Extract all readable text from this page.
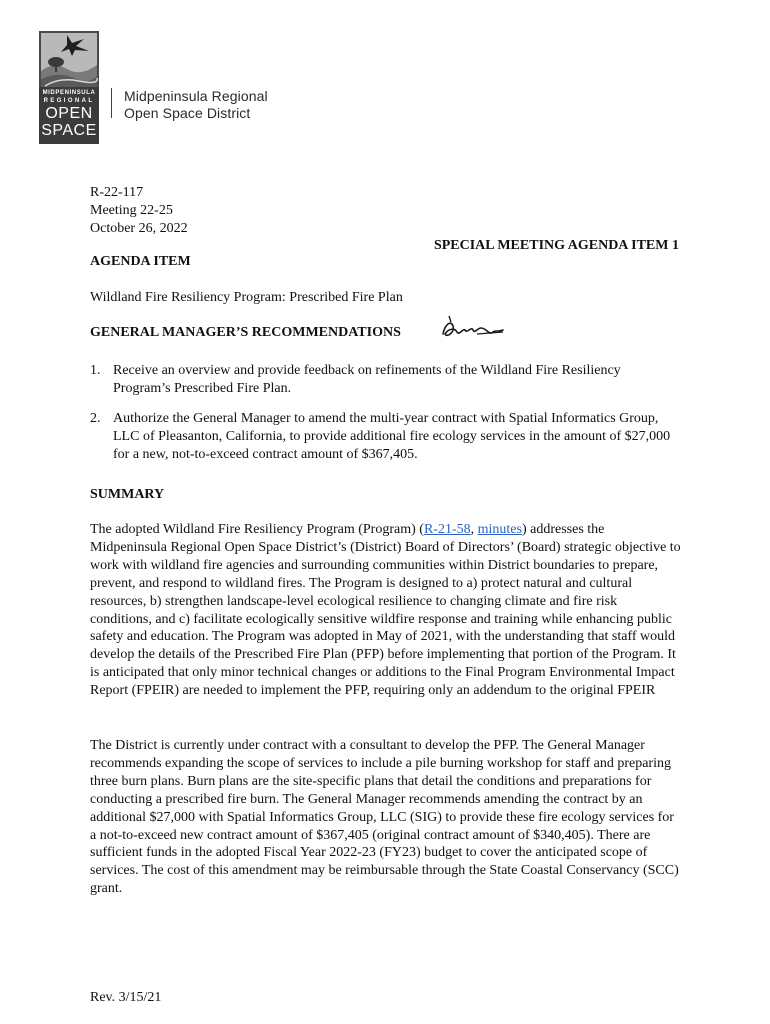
MIDPENINSULA
REGIONAL
OPEN
SPACE
Midpeninsula Regional
Open Space District
R-22-117
Meeting 22-25
October 26, 2022
SPECIAL MEETING AGENDA ITEM 1
AGENDA ITEM
Wildland Fire Resiliency Program: Prescribed Fire Plan
GENERAL MANAGER’S RECOMMENDATIONS
1. Receive an overview and provide feedback on refinements of the Wildland Fire Resiliency Program’s Prescribed Fire Plan.
2. Authorize the General Manager to amend the multi-year contract with Spatial Informatics Group, LLC of Pleasanton, California, to provide additional fire ecology services in the amount of $27,000 for a new, not-to-exceed contract amount of $367,405.
SUMMARY
The adopted Wildland Fire Resiliency Program (Program) (R-21-58, minutes) addresses the Midpeninsula Regional Open Space District’s (District) Board of Directors’ (Board) strategic objective to work with wildland fire agencies and surrounding communities within District boundaries to prepare, prevent, and respond to wildland fires. The Program is designed to a) protect natural and cultural resources, b) strengthen landscape-level ecological resilience to changing climate and fire risk conditions, and c) facilitate ecologically sensitive wildfire response and training while enhancing public safety and education. The Program was adopted in May of 2021, with the understanding that staff would develop the details of the Prescribed Fire Plan (PFP) before implementing that portion of the Program. It is anticipated that only minor technical changes or additions to the Final Program Environmental Impact Report (FPEIR) are needed to implement the PFP, requiring only an addendum to the original FPEIR
The District is currently under contract with a consultant to develop the PFP. The General Manager recommends expanding the scope of services to include a pile burning workshop for staff and preparing three burn plans. Burn plans are the site-specific plans that detail the conditions and preparations for conducting a prescribed fire burn. The General Manager recommends amending the contract by an additional $27,000 with Spatial Informatics Group, LLC (SIG) to provide these fire ecology services for a not-to-exceed new contract amount of $367,405 (original contract amount of $340,405). There are sufficient funds in the adopted Fiscal Year 2022-23 (FY23) budget to cover the anticipated scope of services. The cost of this amendment may be reimbursable through the State Coastal Conservancy (SCC) grant.
Rev. 3/15/21
